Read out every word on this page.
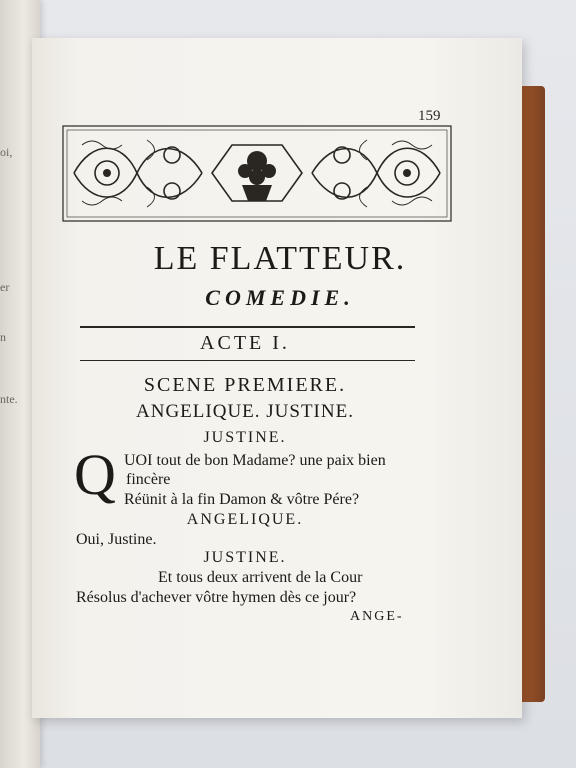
oi,
er
n
nte.
159
LE FLATTEUR.
COMEDIE.
ACTE I.
SCENE PREMIERE.
ANGELIQUE. JUSTINE.
JUSTINE.
Q UOI tout de bon Madame? une paix bien
fincère
Réünit à la fin Damon & vôtre Pére?
ANGELIQUE.
Oui, Justine.
JUSTINE.
Et tous deux arrivent de la Cour
Résolus d'achever vôtre hymen dès ce jour?
ANGE-
